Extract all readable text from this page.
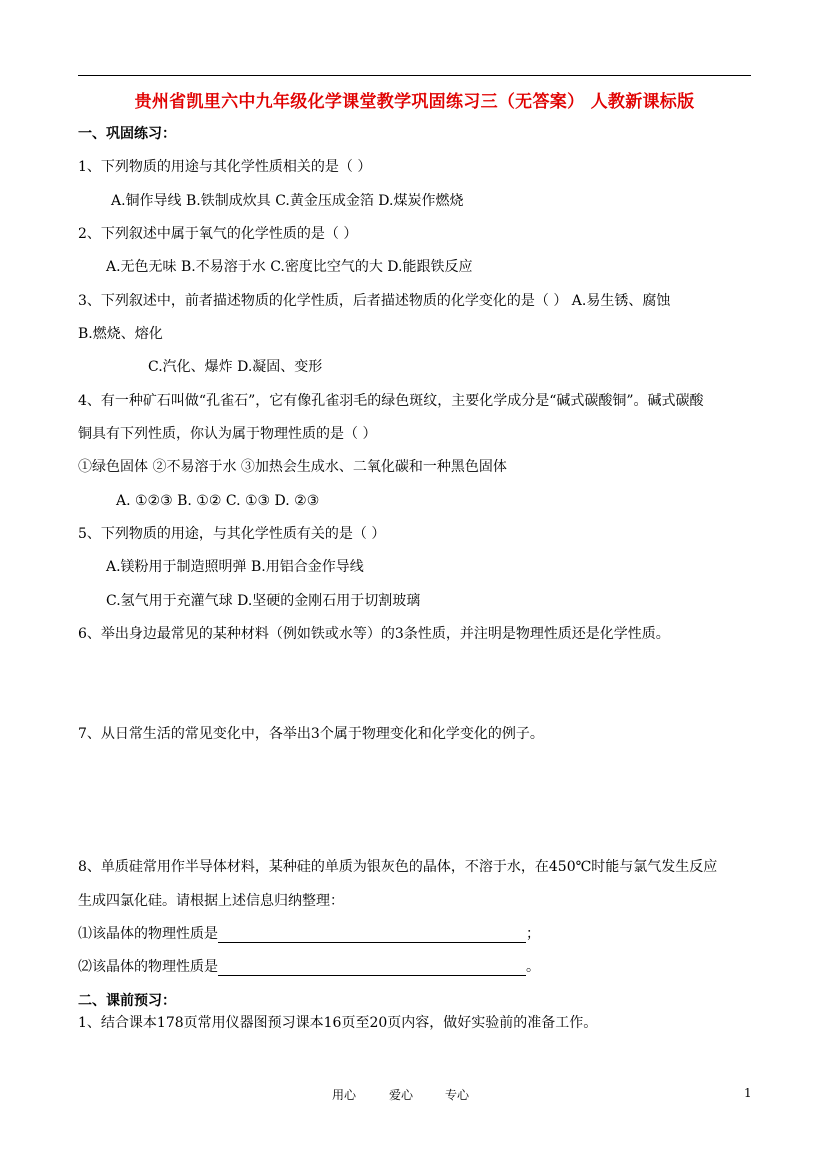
贵州省凯里六中九年级化学课堂教学巩固练习三（无答案） 人教新课标版
一、巩固练习：
1、下列物质的用途与其化学性质相关的是（ ）
A.铜作导线 B.铁制成炊具 C.黄金压成金箔 D.煤炭作燃烧
2、下列叙述中属于氧气的化学性质的是（ ）
A.无色无味 B.不易溶于水 C.密度比空气的大 D.能跟铁反应
3、下列叙述中，前者描述物质的化学性质，后者描述物质的化学变化的是（ ） A.易生锈、腐蚀
B.燃烧、熔化
C.汽化、爆炸 D.凝固、变形
4、有一种矿石叫做“孔雀石”，它有像孔雀羽毛的绿色斑纹，主要化学成分是“碱式碳酸铜”。碱式碳酸
铜具有下列性质，你认为属于物理性质的是（ ）
①绿色固体 ②不易溶于水 ③加热会生成水、二氧化碳和一种黑色固体
A. ①②③ B. ①② C. ①③ D. ②③
5、下列物质的用途，与其化学性质有关的是（ ）
A.镁粉用于制造照明弹 B.用铝合金作导线
C.氢气用于充灌气球 D.坚硬的金刚石用于切割玻璃
6、举出身边最常见的某种材料（例如铁或水等）的3条性质，并注明是物理性质还是化学性质。
7、从日常生活的常见变化中，各举出3个属于物理变化和化学变化的例子。
8、单质硅常用作半导体材料，某种硅的单质为银灰色的晶体，不溶于水，在450℃时能与氯气发生反应
生成四氯化硅。请根据上述信息归纳整理：
⑴该晶体的物理性质是	；
⑵该晶体的物理性质是	。
二、课前预习：
1、结合课本178页常用仪器图预习课本16页至20页内容，做好实验前的准备工作。
用心	爱心	专心	1
